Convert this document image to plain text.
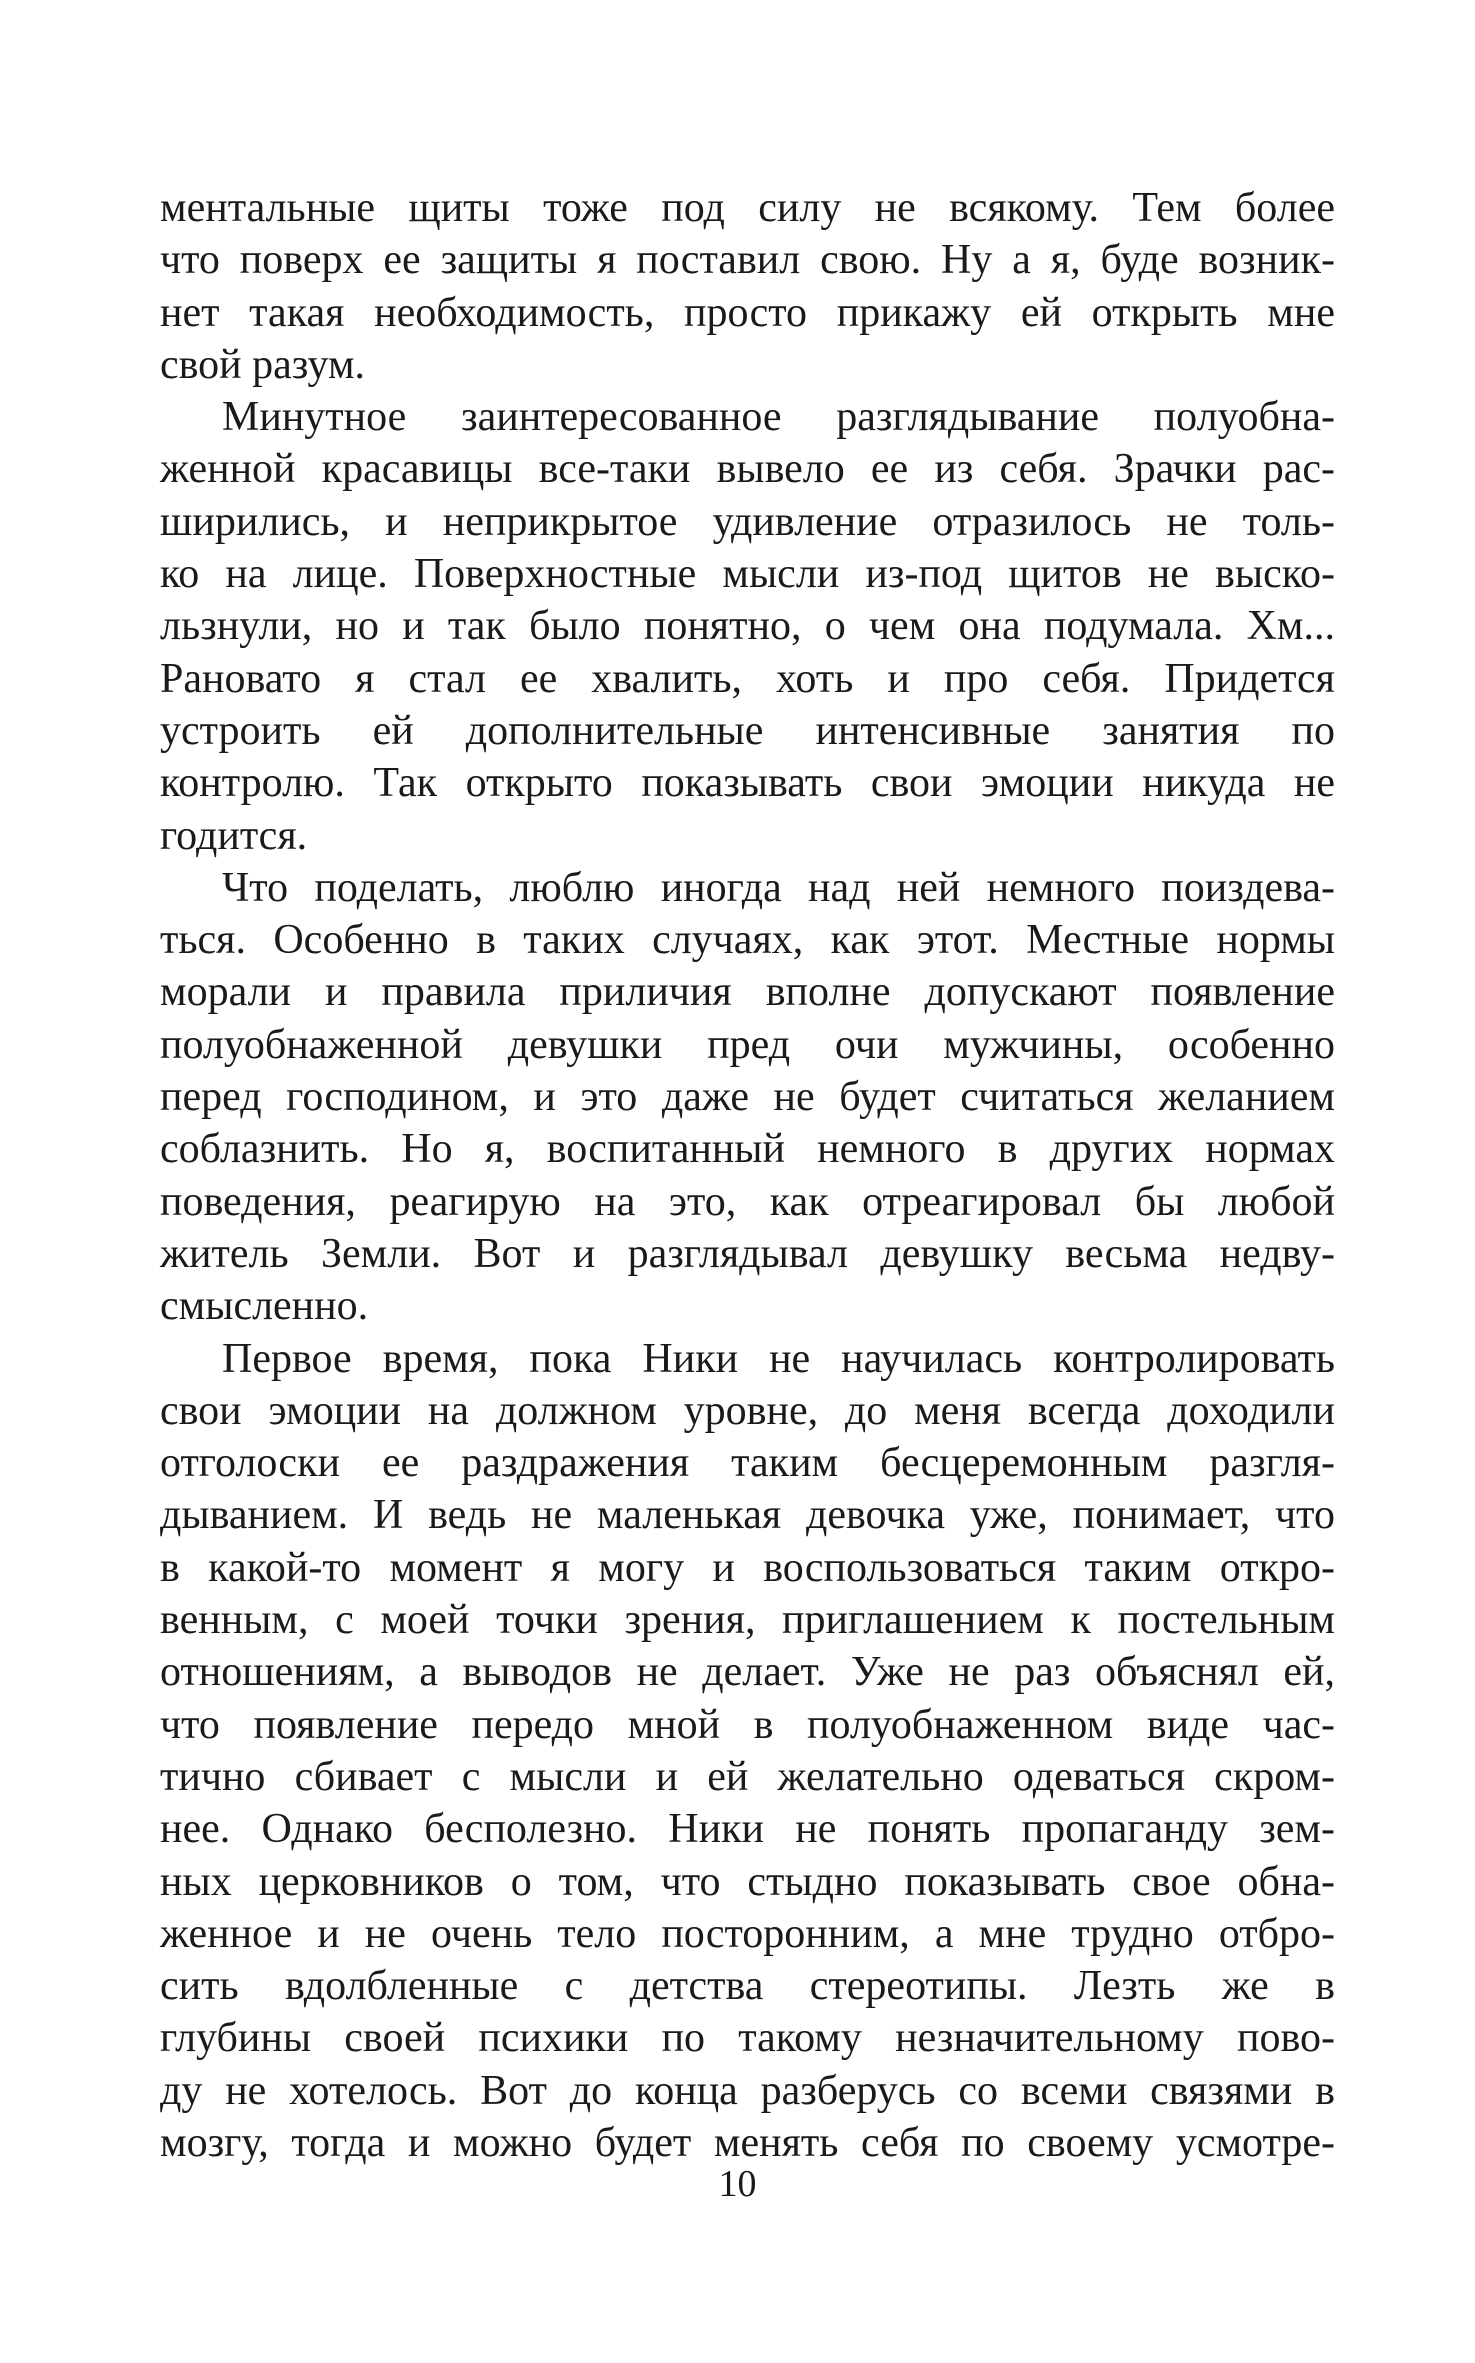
ментальные щиты тоже под силу не всякому. Тем более
что поверх ее защиты я поставил свою. Ну а я, буде возник-
нет такая необходимость, просто прикажу ей открыть мне
свой разум.
Минутное заинтересованное разглядывание полуобна-
женной красавицы все-таки вывело ее из себя. Зрачки рас-
ширились, и неприкрытое удивление отразилось не толь-
ко на лице. Поверхностные мысли из-под щитов не выско-
льзнули, но и так было понятно, о чем она подумала. Хм...
Рановато я стал ее хвалить, хоть и про себя. Придется
устроить ей дополнительные интенсивные занятия по
контролю. Так открыто показывать свои эмоции никуда не
годится.
Что поделать, люблю иногда над ней немного поиздева-
ться. Особенно в таких случаях, как этот. Местные нормы
морали и правила приличия вполне допускают появление
полуобнаженной девушки пред очи мужчины, особенно
перед господином, и это даже не будет считаться желанием
соблазнить. Но я, воспитанный немного в других нормах
поведения, реагирую на это, как отреагировал бы любой
житель Земли. Вот и разглядывал девушку весьма недву-
смысленно.
Первое время, пока Ники не научилась контролировать
свои эмоции на должном уровне, до меня всегда доходили
отголоски ее раздражения таким бесцеремонным разгля-
дыванием. И ведь не маленькая девочка уже, понимает, что
в какой-то момент я могу и воспользоваться таким откро-
венным, с моей точки зрения, приглашением к постельным
отношениям, а выводов не делает. Уже не раз объяснял ей,
что появление передо мной в полуобнаженном виде час-
тично сбивает с мысли и ей желательно одеваться скром-
нее. Однако бесполезно. Ники не понять пропаганду зем-
ных церковников о том, что стыдно показывать свое обна-
женное и не очень тело посторонним, а мне трудно отбро-
сить вдолбленные с детства стереотипы. Лезть же в
глубины своей психики по такому незначительному пово-
ду не хотелось. Вот до конца разберусь со всеми связями в
мозгу, тогда и можно будет менять себя по своему усмотре-
10
